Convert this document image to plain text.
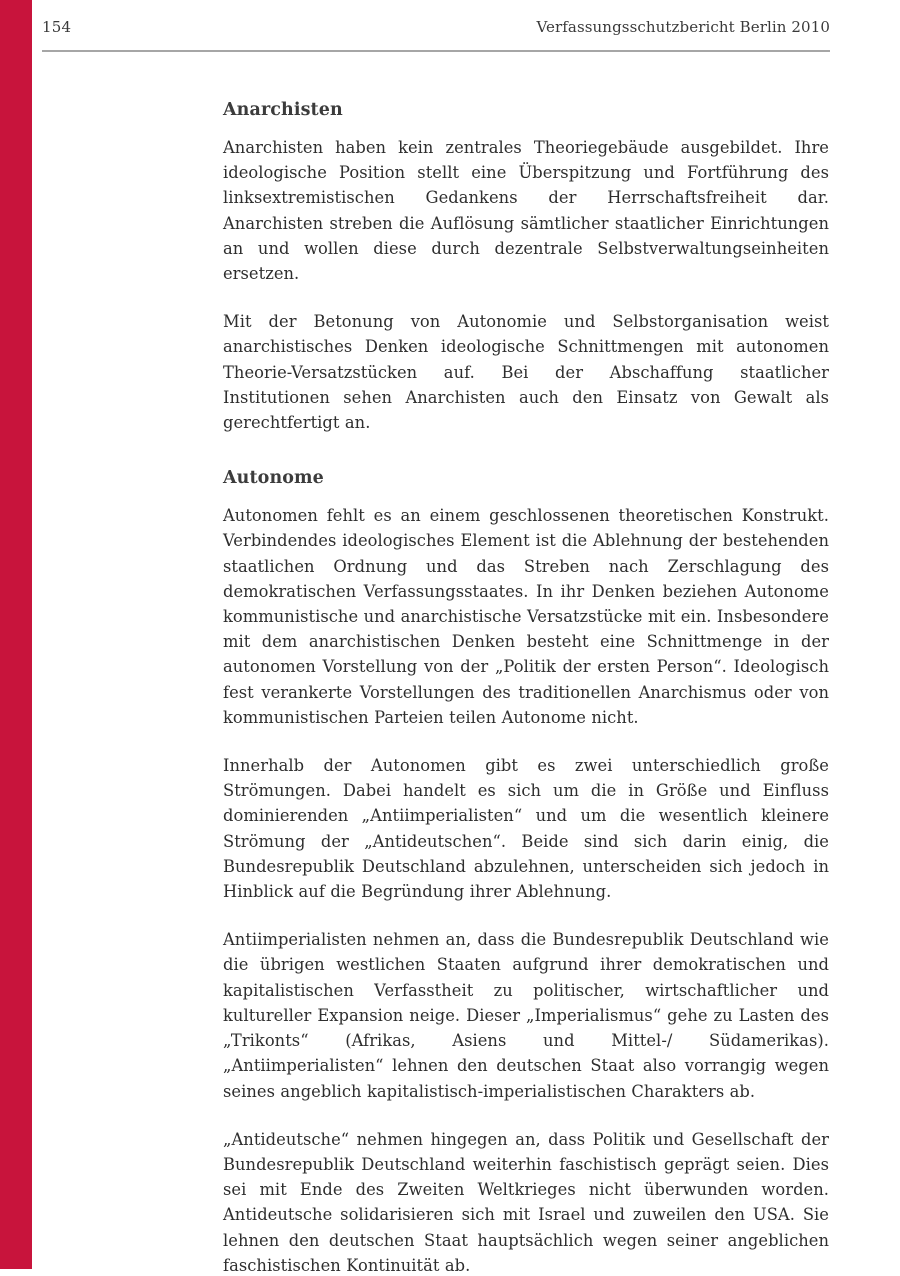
154	Verfassungsschutzbericht Berlin 2010
Anarchisten

Anarchisten haben kein zentrales Theoriegebäude ausgebildet. Ihre ideologische Position stellt eine Überspitzung und Fortführung des linksextremistischen Gedankens der Herrschaftsfreiheit dar. Anarchisten streben die Auflösung sämtlicher staatlicher Einrichtungen an und wollen diese durch dezentrale Selbstverwaltungseinheiten ersetzen.

Mit der Betonung von Autonomie und Selbstorganisation weist anarchistisches Denken ideologische Schnittmengen mit autonomen Theorie-Versatzstücken auf. Bei der Abschaffung staatlicher Institutionen sehen Anarchisten auch den Einsatz von Gewalt als gerechtfertigt an.

Autonome

Autonomen fehlt es an einem geschlossenen theoretischen Konstrukt. Verbindendes ideologisches Element ist die Ablehnung der bestehenden staatlichen Ordnung und das Streben nach Zerschlagung des demokratischen Verfassungsstaates. In ihr Denken beziehen Autonome kommunistische und anarchistische Versatzstücke mit ein. Insbesondere mit dem anarchistischen Denken besteht eine Schnittmenge in der autonomen Vorstellung von der „Politik der ersten Person“. Ideologisch fest verankerte Vorstellungen des traditionellen Anarchismus oder von kommunistischen Parteien teilen Autonome nicht.

Innerhalb der Autonomen gibt es zwei unterschiedlich große Strömungen. Dabei handelt es sich um die in Größe und Einfluss dominierenden „Antiimperialisten“ und um die wesentlich kleinere Strömung der „Antideutschen“. Beide sind sich darin einig, die Bundesrepublik Deutschland abzulehnen, unterscheiden sich jedoch in Hinblick auf die Begründung ihrer Ablehnung.

Antiimperialisten nehmen an, dass die Bundesrepublik Deutschland wie die übrigen westlichen Staaten aufgrund ihrer demokratischen und kapitalistischen Verfasstheit zu politischer, wirtschaftlicher und kultureller Expansion neige. Dieser „Imperialismus“ gehe zu Lasten des „Trikonts“ (Afrikas, Asiens und Mittel-/ Südamerikas). „Antiimperialisten“ lehnen den deutschen Staat also vorrangig wegen seines angeblich kapitalistisch-imperialistischen Charakters ab.

„Antideutsche“ nehmen hingegen an, dass Politik und Gesellschaft der Bundesrepublik Deutschland weiterhin faschistisch geprägt seien. Dies sei mit Ende des Zweiten Weltkrieges nicht überwunden worden. Antideutsche solidarisieren sich mit Israel und zuweilen den USA. Sie lehnen den deutschen Staat hauptsächlich wegen seiner angeblichen faschistischen Kontinuität ab.
